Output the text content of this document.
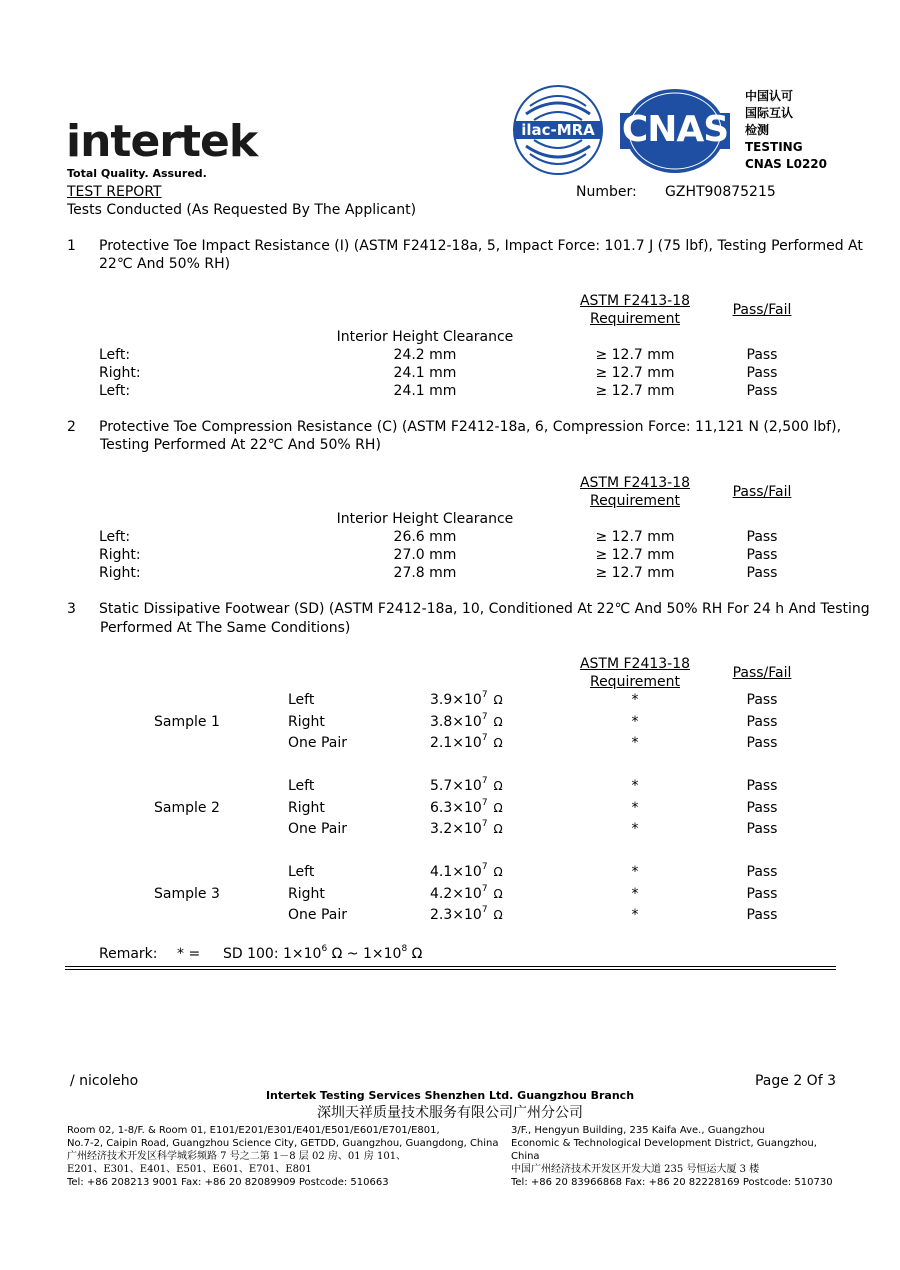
intertek
Total Quality. Assured.
ilac-MRA CNAS
中国认可
国际互认
检测
TESTING
CNAS L0220
TEST REPORT
Tests Conducted (As Requested By The Applicant)
Number: GZHT90875215
1 Protective Toe Impact Resistance (I) (ASTM F2412-18a, 5, Impact Force: 101.7 J (75 lbf), Testing Performed At
22℃ And 50% RH)
ASTM F2413-18
Requirement
Pass/Fail
Interior Height Clearance
Left:	24.2 mm	≥ 12.7 mm	Pass
Right:	24.1 mm	≥ 12.7 mm	Pass
Left:	24.1 mm	≥ 12.7 mm	Pass
2 Protective Toe Compression Resistance (C) (ASTM F2412-18a, 6, Compression Force: 11,121 N (2,500 lbf),
Testing Performed At 22℃ And 50% RH)
ASTM F2413-18
Requirement
Pass/Fail
Interior Height Clearance
Left:	26.6 mm	≥ 12.7 mm	Pass
Right:	27.0 mm	≥ 12.7 mm	Pass
Right:	27.8 mm	≥ 12.7 mm	Pass
3 Static Dissipative Footwear (SD) (ASTM F2412-18a, 10, Conditioned At 22℃ And 50% RH For 24 h And Testing
Performed At The Same Conditions)
ASTM F2413-18
Requirement
Pass/Fail
Sample 1
Left	$3.9\times 10^7$ Ω	*	Pass
Right	$3.8\times 10^7$ Ω	*	Pass
One Pair	$2.1\times 10^7$ Ω	*	Pass
Sample 2
Left	$5.7\times 10^7$ Ω	*	Pass
Right	$6.3\times 10^7$ Ω	*	Pass
One Pair	$3.2\times 10^7$ Ω	*	Pass
Sample 3
Left	$4.1\times 10^7$ Ω	*	Pass
Right	$4.2\times 10^7$ Ω	*	Pass
One Pair	$2.3\times 10^7$ Ω	*	Pass
Remark: * = SD 100: $1\times 10^6$ Ω ~ $1\times 10^8$ Ω
/ nicoleho	Page 2 Of 3
Intertek Testing Services Shenzhen Ltd. Guangzhou Branch
深圳天祥质量技术服务有限公司广州分公司
Room 02, 1-8/F. & Room 01, E101/E201/E301/E401/E501/E601/E701/E801,
No.7-2, Caipin Road, Guangzhou Science City, GETDD, Guangzhou, Guangdong, China
广州经济技术开发区科学城彩频路 7 号之二第 1－8 层 02 房、01 房 101、
E201、E301、E401、E501、E601、E701、E801
Tel: +86 208213 9001 Fax: +86 20 82089909 Postcode: 510663
3/F., Hengyun Building, 235 Kaifa Ave., Guangzhou
Economic & Technological Development District, Guangzhou,
China
中国广州经济技术开发区开发大道 235 号恒运大厦 3 楼
Tel: +86 20 83966868 Fax: +86 20 82228169 Postcode: 510730
